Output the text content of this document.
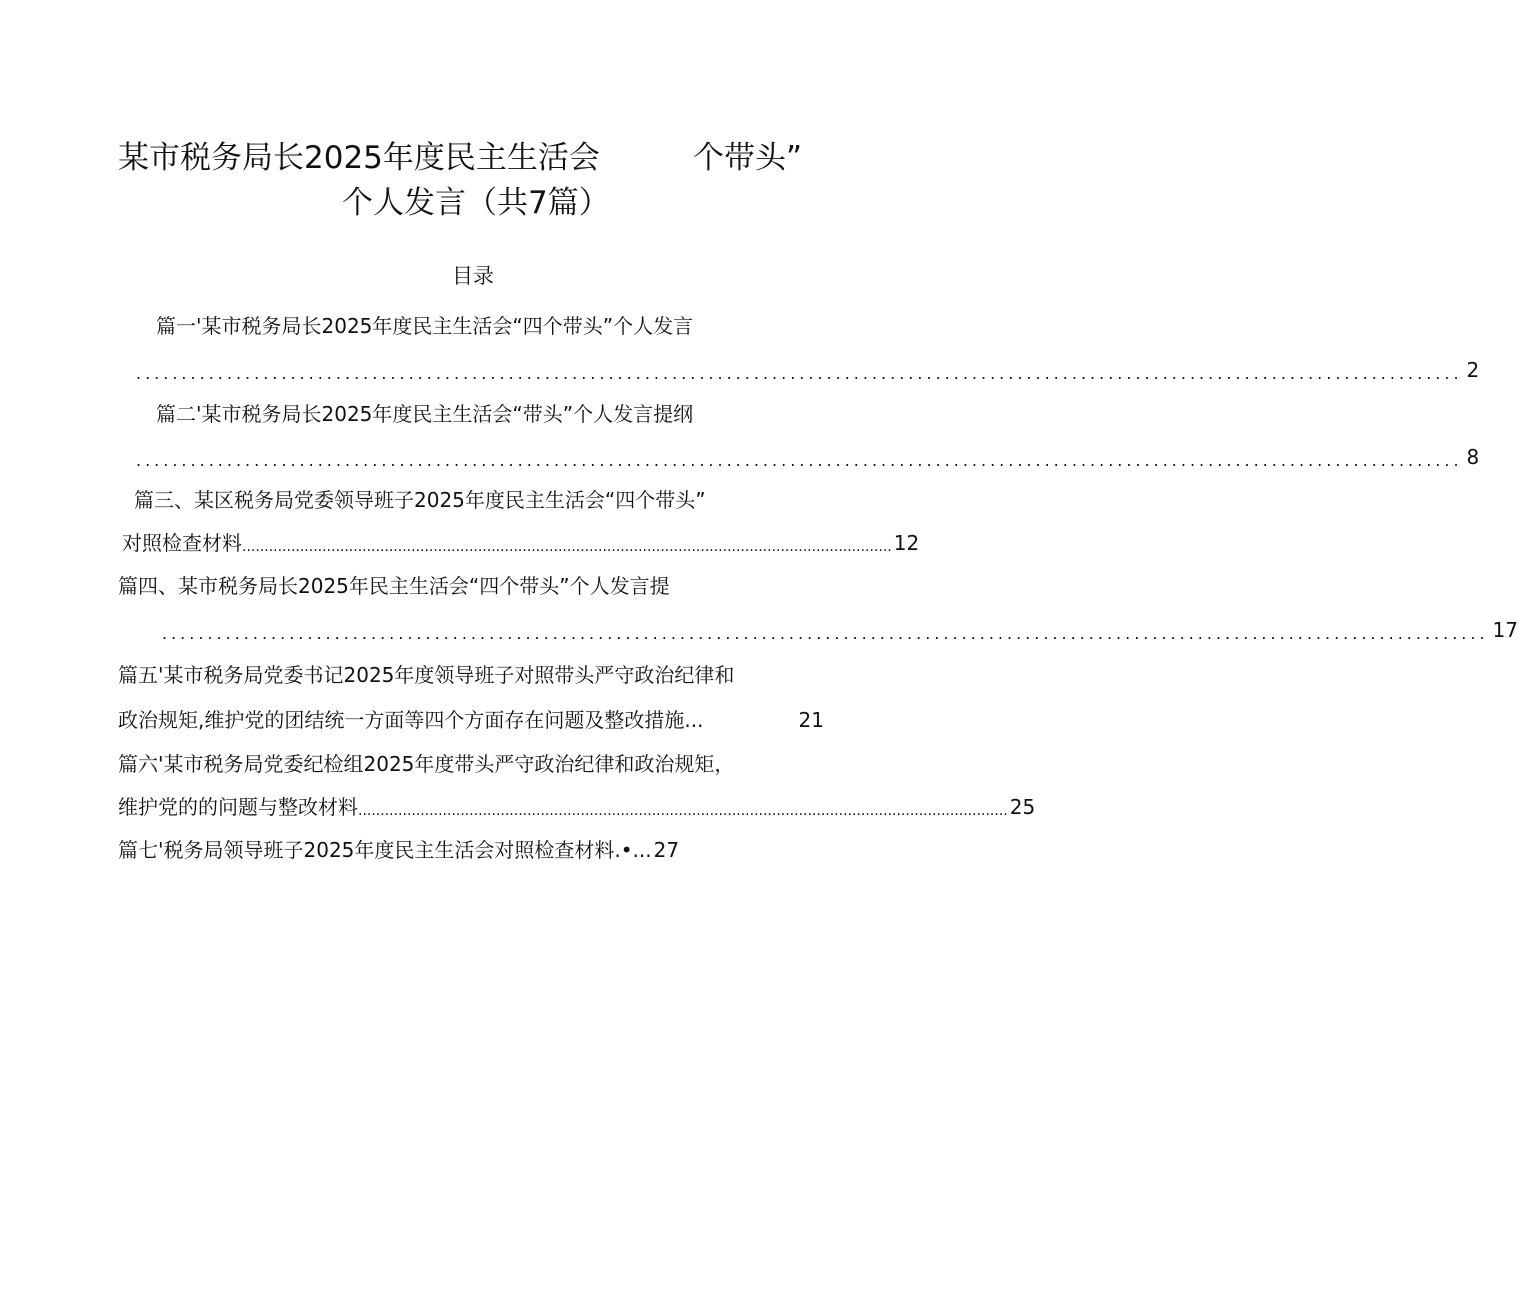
某市税务局长2025年度民主生活会	个带头”
个人发言（共7篇）
目录
篇一'某市税务局长2025年度民主生活会“四个带头”个人发言
.................................................................................................................................................. 2
篇二'某市税务局长2025年度民主生活会“带头”个人发言提纲
.................................................................................................................................................. 8
篇三、某区税务局党委领导班子2025年度民主生活会“四个带头”
对照检查材料 .................................................................................................................................................. 12
篇四、某市税务局长2025年民主生活会“四个带头”个人发言提
.................................................................................................................................................. 17
篇五'某市税务局党委书记2025年度领导班子对照带头严守政治纪律和
政治规矩,维护党的团结统一方面等四个方面存在问题及整改措施...	21
篇六'某市税务局党委纪检组2025年度带头严守政治纪律和政治规矩，
维护党的的问题与整改材料 .................................................................................................................................................. 25
篇七'税务局领导班子2025年度民主生活会对照检查材料.•... 27
